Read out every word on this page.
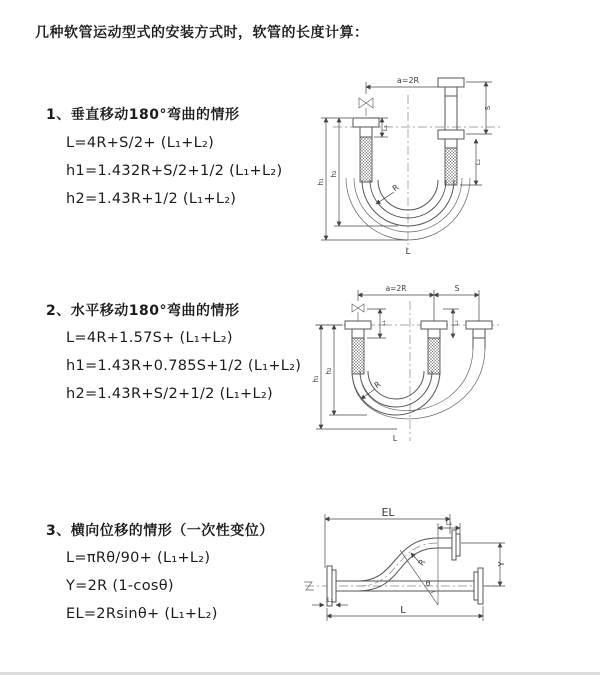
几种软管运动型式的安装方式时，软管的长度计算：
1、垂直移动180°弯曲的情形
L=4R+S/2+ (L₁+L₂)
h1=1.432R+S/2+1/2 (L₁+L₂)
h2=1.43R+1/2 (L₁+L₂)
a=2R
h₁
h₂
L₁
S
L₂
R
L
2、水平移动180°弯曲的情形
L=4R+1.57S+ (L₁+L₂)
h1=1.43R+0.785S+1/2 (L₁+L₂)
h2=1.43R+S/2+1/2 (L₁+L₂)
a=2R	S
h₁
h₂
L₁	L₂
R
L
3、横向位移的情形（一次性变位）
L=πRθ/90+ (L₁+L₂)
Y=2R (1-cosθ)
EL=2Rsinθ+ (L₁+L₂)
EL
L₁
Y
θ
R
L₂
L
